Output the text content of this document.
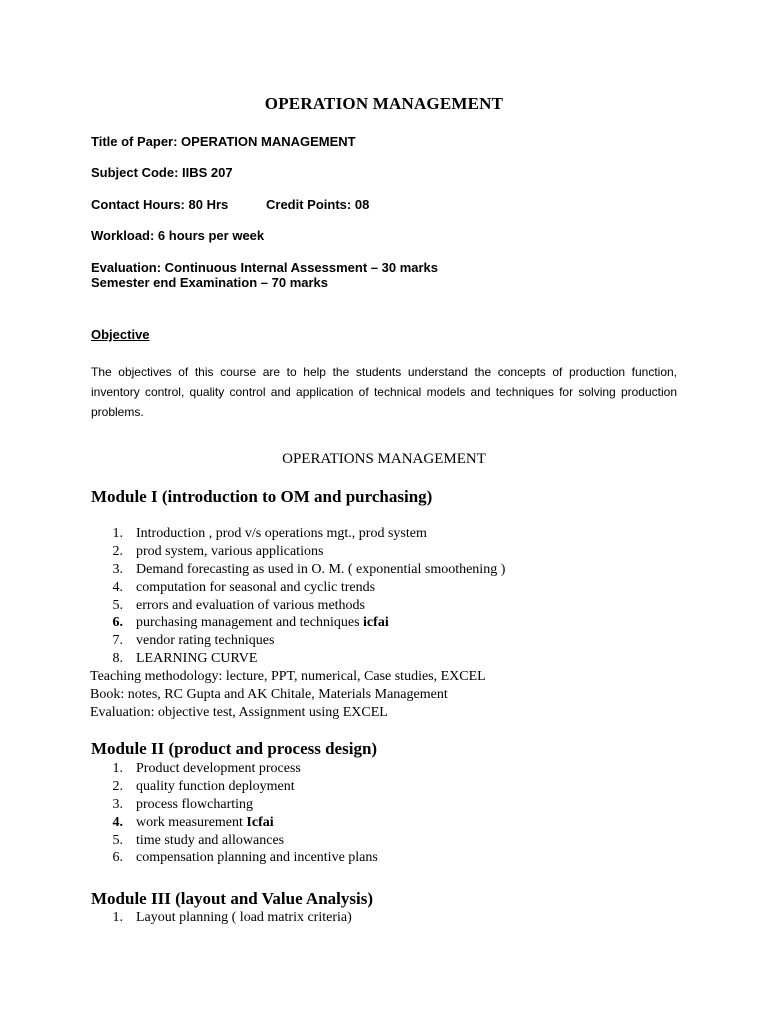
OPERATION MANAGEMENT
Title of Paper: OPERATION MANAGEMENT
Subject Code: IIBS 207
Contact Hours: 80 Hrs	Credit Points: 08
Workload: 6 hours per week
Evaluation: Continuous Internal Assessment – 30 marks
Semester end Examination – 70 marks
Objective
The objectives of this course are to help the students understand the concepts of production function, inventory control, quality control and application of technical models and techniques for solving production problems.
OPERATIONS MANAGEMENT
Module I (introduction to OM and purchasing)
1. Introduction , prod v/s operations mgt., prod system
2. prod system, various applications
3. Demand forecasting as used in O. M. ( exponential smoothening )
4. computation for seasonal and cyclic trends
5. errors and evaluation of various methods
6. purchasing management and techniques icfai
7. vendor rating techniques
8. LEARNING CURVE
Teaching methodology: lecture, PPT, numerical, Case studies, EXCEL
Book: notes, RC Gupta and AK Chitale, Materials Management
Evaluation: objective test, Assignment using EXCEL
Module II (product and process design)
1. Product development process
2. quality function deployment
3. process flowcharting
4. work measurement Icfai
5. time study and allowances
6. compensation planning and incentive plans
Module III (layout and Value Analysis)
1. Layout planning ( load matrix criteria)
